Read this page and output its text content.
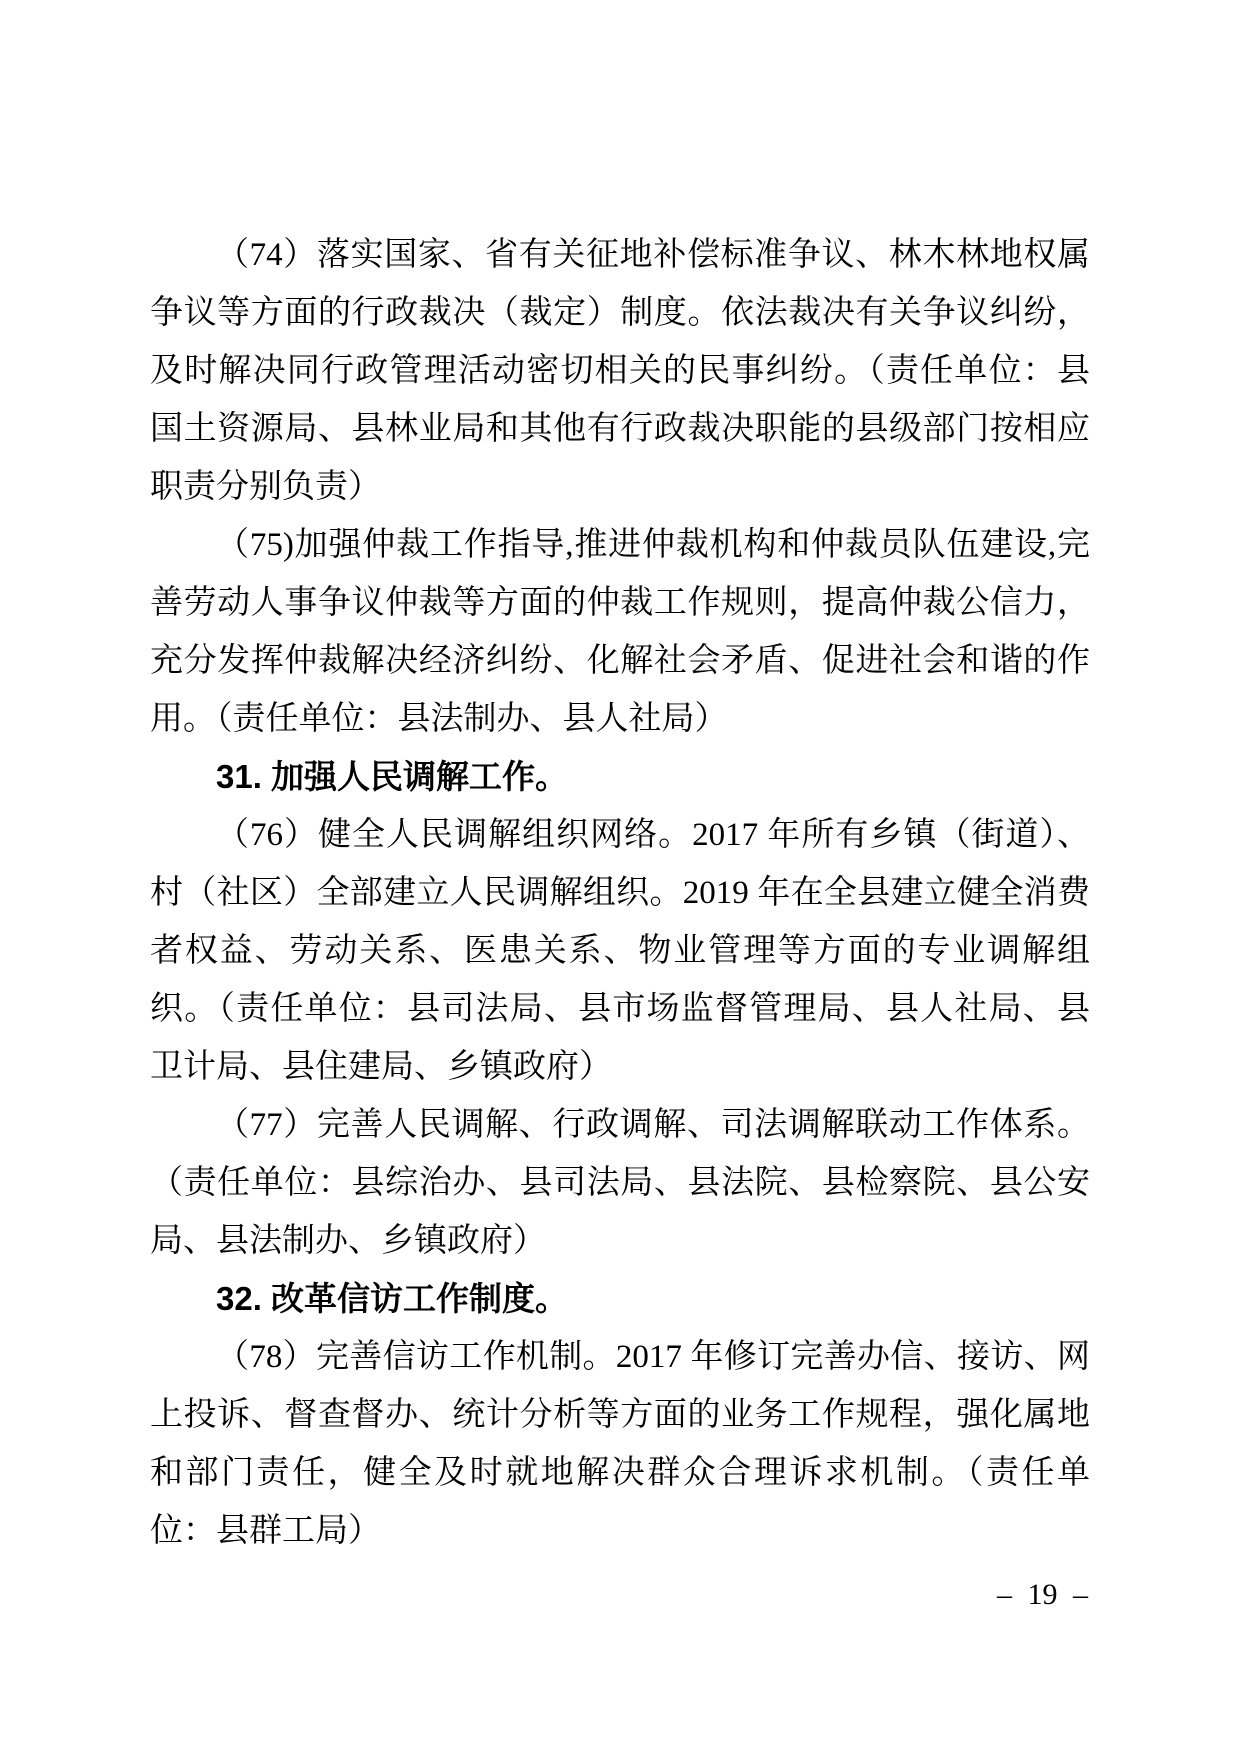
（74）落实国家、省有关征地补偿标准争议、林木林地权属争议等方面的行政裁决（裁定）制度。依法裁决有关争议纠纷，及时解决同行政管理活动密切相关的民事纠纷。（责任单位：县国土资源局、县林业局和其他有行政裁决职能的县级部门按相应职责分别负责）
（75)加强仲裁工作指导,推进仲裁机构和仲裁员队伍建设,完善劳动人事争议仲裁等方面的仲裁工作规则，提高仲裁公信力，充分发挥仲裁解决经济纠纷、化解社会矛盾、促进社会和谐的作用。（责任单位：县法制办、县人社局）
31. 加强人民调解工作。
（76）健全人民调解组织网络。2017 年所有乡镇（街道）、村（社区）全部建立人民调解组织。2019 年在全县建立健全消费者权益、劳动关系、医患关系、物业管理等方面的专业调解组织。（责任单位：县司法局、县市场监督管理局、县人社局、县卫计局、县住建局、乡镇政府）
（77）完善人民调解、行政调解、司法调解联动工作体系。（责任单位：县综治办、县司法局、县法院、县检察院、县公安局、县法制办、乡镇政府）
32. 改革信访工作制度。
（78）完善信访工作机制。2017 年修订完善办信、接访、网上投诉、督查督办、统计分析等方面的业务工作规程，强化属地和部门责任，健全及时就地解决群众合理诉求机制。（责任单位：县群工局）
– 19 –
